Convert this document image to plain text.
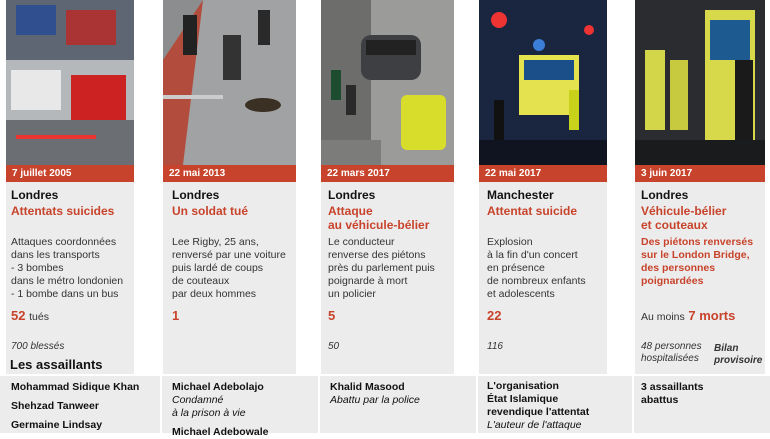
7 juillet 2005	22 mai 2013	22 mars 2017	22 mai 2017	3 juin 2017
Londres
Attentats suicides
Attaques coordonnées
dans les transports
- 3 bombes
dans le métro londonien
- 1 bombe dans un bus
52 tués
700 blessés
Londres
Un soldat tué
Lee Rigby, 25 ans,
renversé par une voiture
puis lardé de coups
de couteaux
par deux hommes
1
Londres
Attaque
au véhicule-bélier
Le conducteur
renverse des piétons
près du parlement puis
poignarde à mort
un policier
5
50
Manchester
Attentat suicide
Explosion
à la fin d'un concert
en présence
de nombreux enfants
et adolescents
22
116
Londres
Véhicule-bélier
et couteaux
Des piétons renversés
sur le London Bridge,
des personnes
poignardées
Au moins 7 morts
48 personnes
hospitalisées
Bilan
provisoire
Les assaillants
Mohammad Sidique Khan
Shehzad Tanweer
Germaine Lindsay
Michael Adebolajo
Condamné
à la prison à vie
Michael Adebowale
Khalid Masood
Abattu par la police
L'organisation
État Islamique
revendique l'attentat
L'auteur de l'attaque
3 assaillants
abattus
